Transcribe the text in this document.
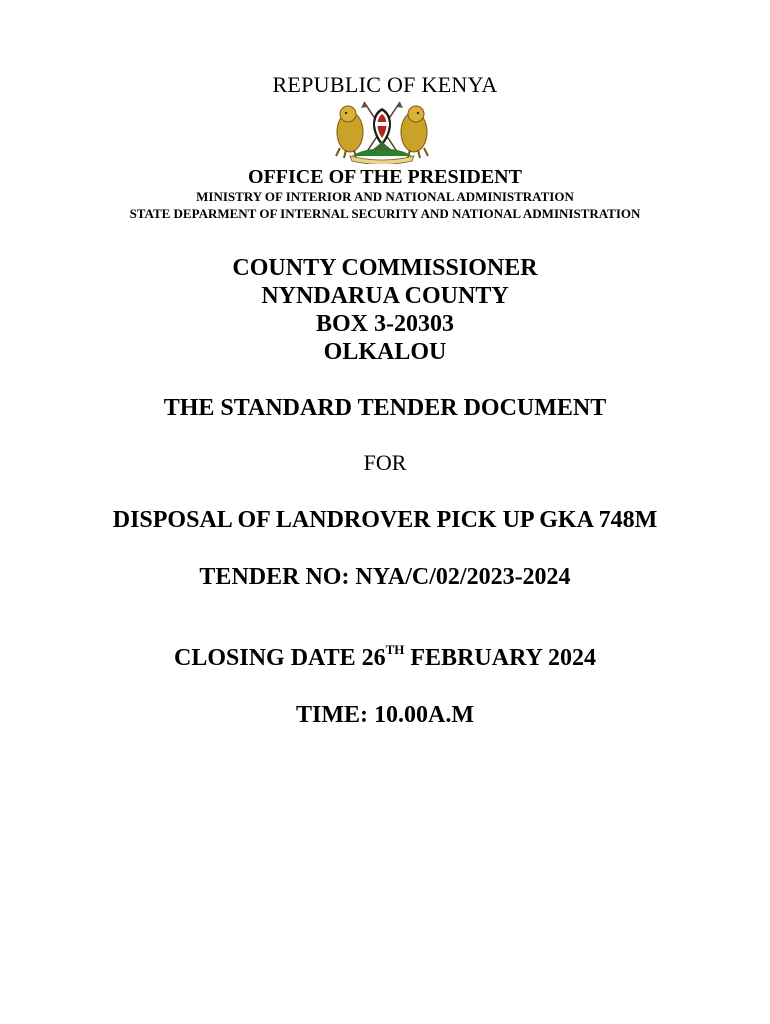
REPUBLIC OF KENYA
OFFICE OF THE PRESIDENT
MINISTRY OF INTERIOR AND NATIONAL ADMINISTRATION
STATE DEPARMENT OF INTERNAL SECURITY AND NATIONAL ADMINISTRATION
COUNTY COMMISSIONER
NYNDARUA COUNTY
BOX 3-20303
OLKALOU
THE STANDARD TENDER DOCUMENT
FOR
DISPOSAL OF LANDROVER PICK UP GKA 748M
TENDER NO: NYA/C/02/2023-2024
CLOSING DATE 26TH FEBRUARY 2024
TIME: 10.00A.M
